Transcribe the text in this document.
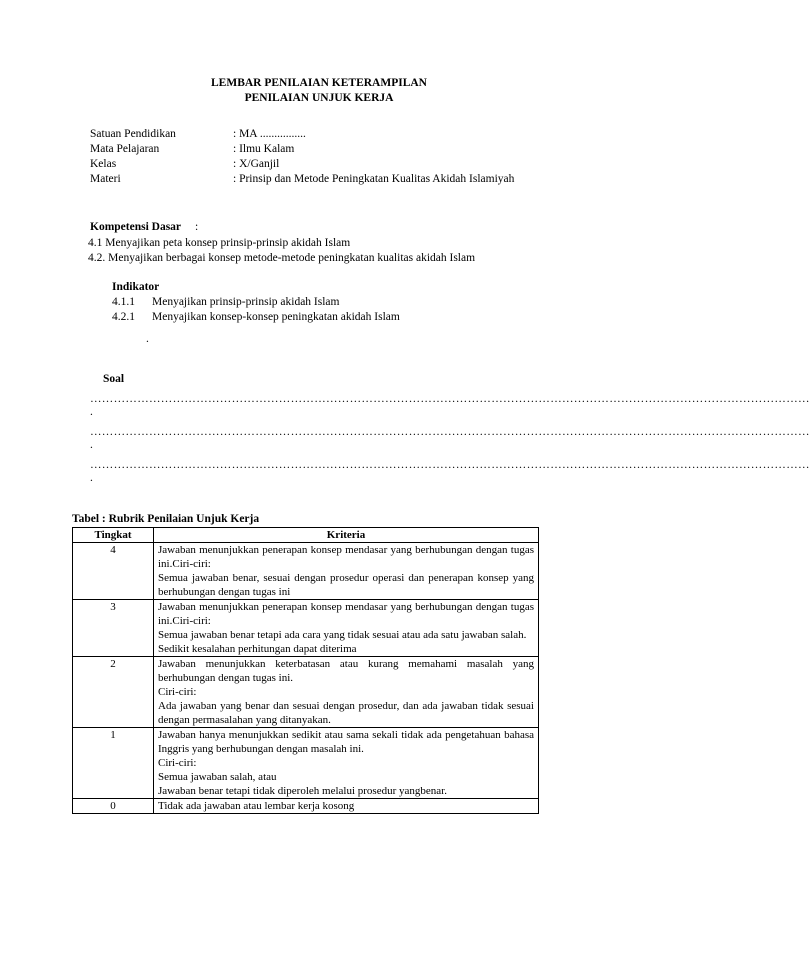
LEMBAR PENILAIAN KETERAMPILAN
PENILAIAN UNJUK KERJA
Satuan Pendidikan	: MA ................
Mata Pelajaran	: Ilmu Kalam
Kelas	: X/Ganjil
Materi	: Prinsip dan Metode Peningkatan Kualitas Akidah Islamiyah
Kompetensi Dasar :
4.1 Menyajikan peta konsep prinsip-prinsip akidah Islam
4.2. Menyajikan berbagai konsep metode-metode peningkatan kualitas akidah Islam
Indikator
4.1.1 Menyajikan prinsip-prinsip akidah Islam
4.2.1 Menyajikan konsep-konsep peningkatan akidah Islam
.
Soal
…………………………………………………………………………………………………………………………………………………………………
.
…………………………………………………………………………………………………………………………………………………………………
.
…………………………………………………………………………………………………………………………………………………………………
.
Tabel : Rubrik Penilaian Unjuk Kerja
Tingkat	Kriteria
4	Jawaban menunjukkan penerapan konsep mendasar yang berhubungan dengan tugas ini.Ciri-ciri:
Semua jawaban benar, sesuai dengan prosedur operasi dan penerapan konsep yang berhubungan dengan tugas ini

3	Jawaban menunjukkan penerapan konsep mendasar yang berhubungan dengan tugas ini.Ciri-ciri:
Semua jawaban benar tetapi ada cara yang tidak sesuai atau ada satu jawaban salah.
Sedikit kesalahan perhitungan dapat diterima

2	Jawaban menunjukkan keterbatasan atau kurang memahami masalah yang berhubungan dengan tugas ini.
Ciri-ciri:
Ada jawaban yang benar dan sesuai dengan prosedur, dan ada jawaban tidak sesuai dengan permasalahan yang ditanyakan.

1	Jawaban hanya menunjukkan sedikit atau sama sekali tidak ada pengetahuan bahasa Inggris yang berhubungan dengan masalah ini.
Ciri-ciri:
Semua jawaban salah, atau
Jawaban benar tetapi tidak diperoleh melalui prosedur yangbenar.

0	Tidak ada jawaban atau lembar kerja kosong
